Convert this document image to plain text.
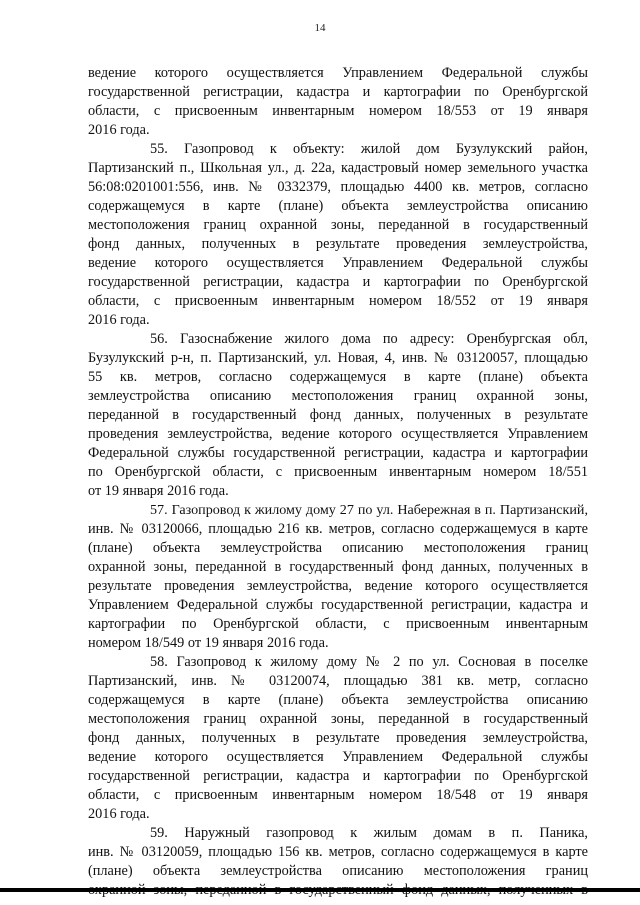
14
ведение которого осуществляется Управлением Федеральной службы
государственной регистрации, кадастра и картографии по Оренбургской
области, с присвоенным инвентарным номером 18/553 от 19 января
2016 года.
55. Газопровод к объекту: жилой дом Бузулукский район,
Партизанский п., Школьная ул., д. 22а, кадастровый номер земельного участка
56:08:0201001:556, инв. № 0332379, площадью 4400 кв. метров, согласно
содержащемуся в карте (плане) объекта землеустройства описанию
местоположения границ охранной зоны, переданной в государственный
фонд данных, полученных в результате проведения землеустройства,
ведение которого осуществляется Управлением Федеральной службы
государственной регистрации, кадастра и картографии по Оренбургской
области, с присвоенным инвентарным номером 18/552 от 19 января
2016 года.
56. Газоснабжение жилого дома по адресу: Оренбургская обл,
Бузулукский р-н, п. Партизанский, ул. Новая, 4, инв. № 03120057, площадью
55 кв. метров, согласно содержащемуся в карте (плане) объекта
землеустройства описанию местоположения границ охранной зоны,
переданной в государственный фонд данных, полученных в результате
проведения землеустройства, ведение которого осуществляется Управлением
Федеральной службы государственной регистрации, кадастра и картографии
по Оренбургской области, с присвоенным инвентарным номером 18/551
от 19 января 2016 года.
57. Газопровод к жилому дому 27 по ул. Набережная в п. Партизанский,
инв. № 03120066, площадью 216 кв. метров, согласно содержащемуся в карте
(плане) объекта землеустройства описанию местоположения границ
охранной зоны, переданной в государственный фонд данных, полученных в
результате проведения землеустройства, ведение которого осуществляется
Управлением Федеральной службы государственной регистрации, кадастра и
картографии по Оренбургской области, с присвоенным инвентарным
номером 18/549 от 19 января 2016 года.
58. Газопровод к жилому дому № 2 по ул. Сосновая в поселке
Партизанский, инв. № 03120074, площадью 381 кв. метр, согласно
содержащемуся в карте (плане) объекта землеустройства описанию
местоположения границ охранной зоны, переданной в государственный
фонд данных, полученных в результате проведения землеустройства,
ведение которого осуществляется Управлением Федеральной службы
государственной регистрации, кадастра и картографии по Оренбургской
области, с присвоенным инвентарным номером 18/548 от 19 января
2016 года.
59. Наружный газопровод к жилым домам в п. Паника,
инв. № 03120059, площадью 156 кв. метров, согласно содержащемуся в карте
(плане) объекта землеустройства описанию местоположения границ
